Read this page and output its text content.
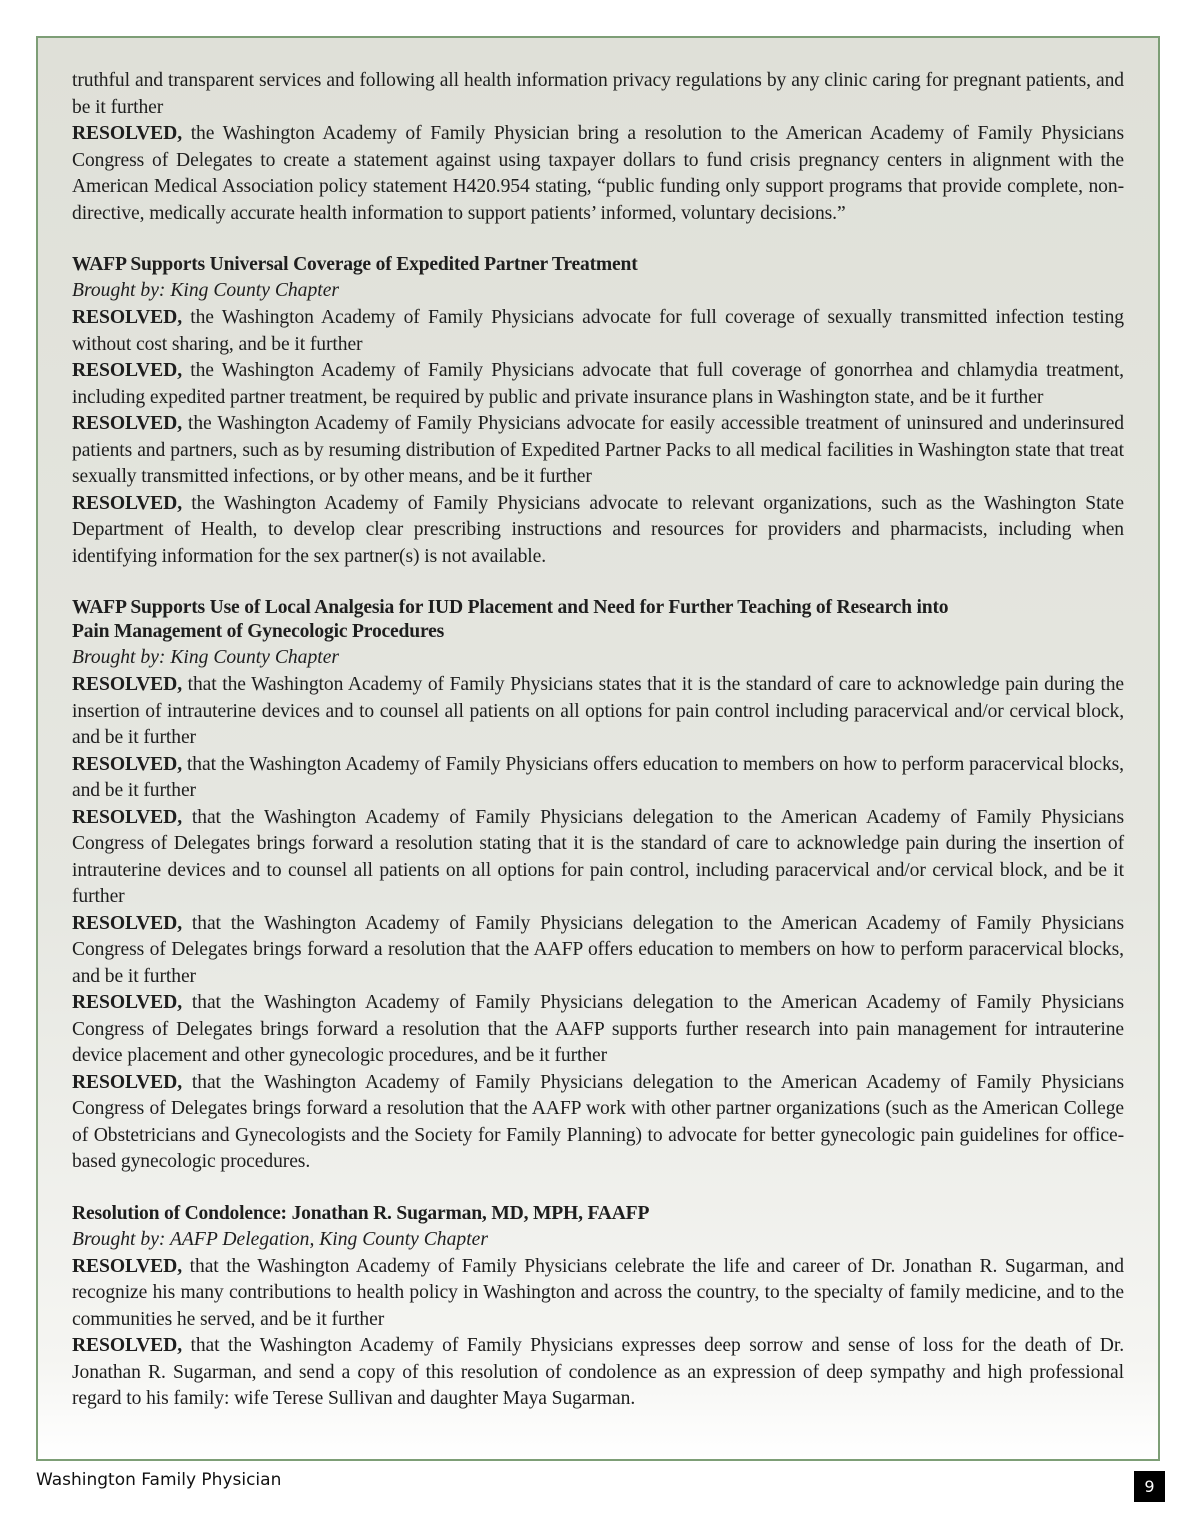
truthful and transparent services and following all health information privacy regulations by any clinic caring for pregnant patients, and be it further

RESOLVED, the Washington Academy of Family Physician bring a resolution to the American Academy of Family Physicians Congress of Delegates to create a statement against using taxpayer dollars to fund crisis pregnancy centers in alignment with the American Medical Association policy statement H420.954 stating, “public funding only support programs that provide complete, non-directive, medically accurate health information to support patients’ informed, voluntary decisions.”

WAFP Supports Universal Coverage of Expedited Partner Treatment

Brought by: King County Chapter

RESOLVED, the Washington Academy of Family Physicians advocate for full coverage of sexually transmitted infection testing without cost sharing, and be it further

RESOLVED, the Washington Academy of Family Physicians advocate that full coverage of gonorrhea and chlamydia treatment, including expedited partner treatment, be required by public and private insurance plans in Washington state, and be it further

RESOLVED, the Washington Academy of Family Physicians advocate for easily accessible treatment of uninsured and underinsured patients and partners, such as by resuming distribution of Expedited Partner Packs to all medical facilities in Washington state that treat sexually transmitted infections, or by other means, and be it further

RESOLVED, the Washington Academy of Family Physicians advocate to relevant organizations, such as the Washington State Department of Health, to develop clear prescribing instructions and resources for providers and pharmacists, including when identifying information for the sex partner(s) is not available.

WAFP Supports Use of Local Analgesia for IUD Placement and Need for Further Teaching of Research into

Pain Management of Gynecologic Procedures

Brought by: King County Chapter

RESOLVED, that the Washington Academy of Family Physicians states that it is the standard of care to acknowledge pain during the insertion of intrauterine devices and to counsel all patients on all options for pain control including paracervical and/or cervical block, and be it further

RESOLVED, that the Washington Academy of Family Physicians offers education to members on how to perform paracervical blocks, and be it further

RESOLVED, that the Washington Academy of Family Physicians delegation to the American Academy of Family Physicians Congress of Delegates brings forward a resolution stating that it is the standard of care to acknowledge pain during the insertion of intrauterine devices and to counsel all patients on all options for pain control, including paracervical and/or cervical block, and be it further

RESOLVED, that the Washington Academy of Family Physicians delegation to the American Academy of Family Physicians Congress of Delegates brings forward a resolution that the AAFP offers education to members on how to perform paracervical blocks, and be it further

RESOLVED, that the Washington Academy of Family Physicians delegation to the American Academy of Family Physicians Congress of Delegates brings forward a resolution that the AAFP supports further research into pain management for intrauterine device placement and other gynecologic procedures, and be it further

RESOLVED, that the Washington Academy of Family Physicians delegation to the American Academy of Family Physicians Congress of Delegates brings forward a resolution that the AAFP work with other partner organizations (such as the American College of Obstetricians and Gynecologists and the Society for Family Planning) to advocate for better gynecologic pain guidelines for office-based gynecologic procedures.

Resolution of Condolence: Jonathan R. Sugarman, MD, MPH, FAAFP

Brought by: AAFP Delegation, King County Chapter

RESOLVED, that the Washington Academy of Family Physicians celebrate the life and career of Dr. Jonathan R. Sugarman, and recognize his many contributions to health policy in Washington and across the country, to the specialty of family medicine, and to the communities he served, and be it further

RESOLVED, that the Washington Academy of Family Physicians expresses deep sorrow and sense of loss for the death of Dr. Jonathan R. Sugarman, and send a copy of this resolution of condolence as an expression of deep sympathy and high professional regard to his family: wife Terese Sullivan and daughter Maya Sugarman.

Washington Family Physician	9
